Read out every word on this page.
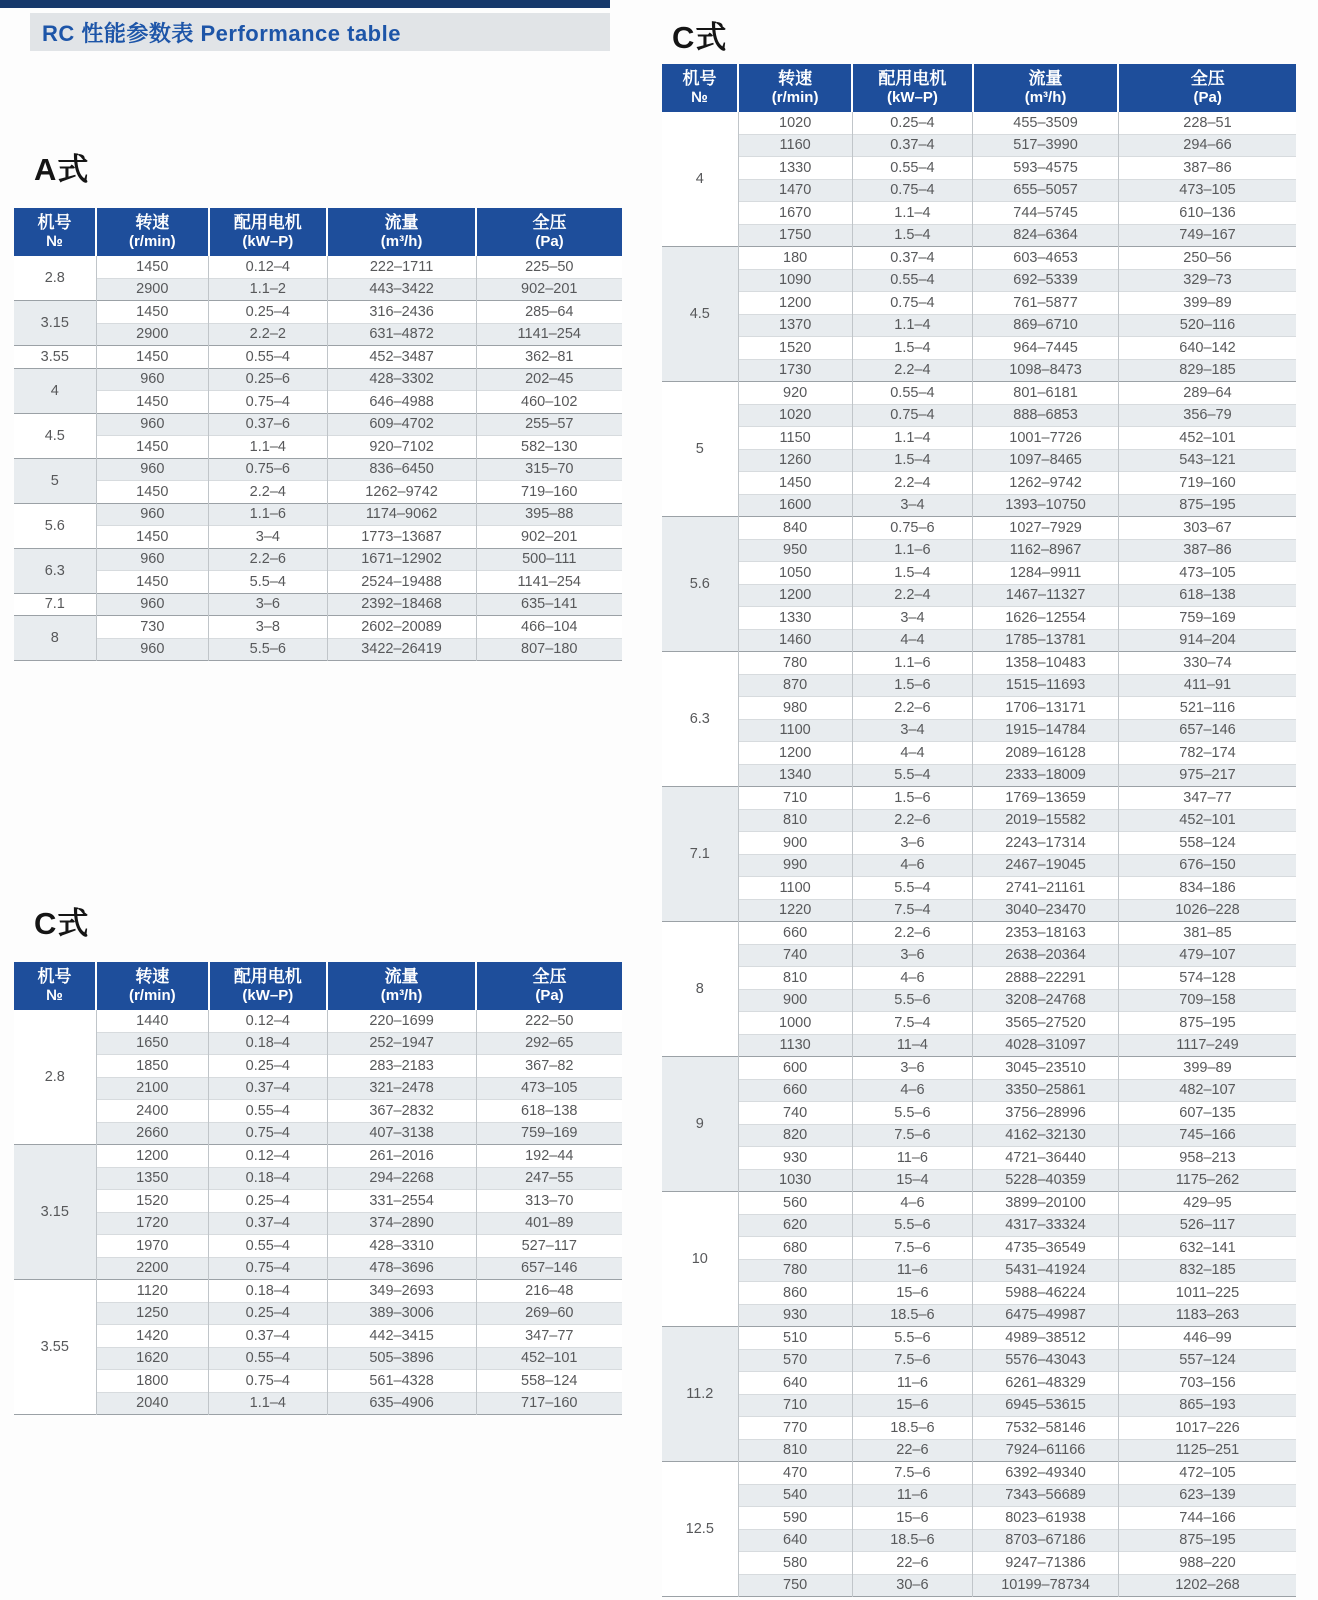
RC 性能参数表 Performance table
A式
机号
№

转速
(r/min)

配用电机
(kW–P)

流量
(m³/h)

全压
(Pa)

2.8	1450	0.12–4	222–1711	225–50
	2900	1.1–2	443–3422	902–201
3.15	1450	0.25–4	316–2436	285–64
	2900	2.2–2	631–4872	1141–254
3.55	1450	0.55–4	452–3487	362–81
4	960	0.25–6	428–3302	202–45
	1450	0.75–4	646–4988	460–102
4.5	960	0.37–6	609–4702	255–57
	1450	1.1–4	920–7102	582–130
5	960	0.75–6	836–6450	315–70
	1450	2.2–4	1262–9742	719–160
5.6	960	1.1–6	1174–9062	395–88
	1450	3–4	1773–13687	902–201
6.3	960	2.2–6	1671–12902	500–111
	1450	5.5–4	2524–19488	1141–254
7.1	960	3–6	2392–18468	635–141
8	730	3–8	2602–20089	466–104
	960	5.5–6	3422–26419	807–180
C式
机号
№

转速
(r/min)

配用电机
(kW–P)

流量
(m³/h)

全压
(Pa)

2.8	1440	0.12–4	220–1699	222–50
	1650	0.18–4	252–1947	292–65
	1850	0.25–4	283–2183	367–82
	2100	0.37–4	321–2478	473–105
	2400	0.55–4	367–2832	618–138
	2660	0.75–4	407–3138	759–169
3.15	1200	0.12–4	261–2016	192–44
	1350	0.18–4	294–2268	247–55
	1520	0.25–4	331–2554	313–70
	1720	0.37–4	374–2890	401–89
	1970	0.55–4	428–3310	527–117
	2200	0.75–4	478–3696	657–146
3.55	1120	0.18–4	349–2693	216–48
	1250	0.25–4	389–3006	269–60
	1420	0.37–4	442–3415	347–77
	1620	0.55–4	505–3896	452–101
	1800	0.75–4	561–4328	558–124
	2040	1.1–4	635–4906	717–160
C式
机号
№

转速
(r/min)

配用电机
(kW–P)

流量
(m³/h)

全压
(Pa)

4	1020	0.25–4	455–3509	228–51
	1160	0.37–4	517–3990	294–66
	1330	0.55–4	593–4575	387–86
	1470	0.75–4	655–5057	473–105
	1670	1.1–4	744–5745	610–136
	1750	1.5–4	824–6364	749–167
4.5	180	0.37–4	603–4653	250–56
	1090	0.55–4	692–5339	329–73
	1200	0.75–4	761–5877	399–89
	1370	1.1–4	869–6710	520–116
	1520	1.5–4	964–7445	640–142
	1730	2.2–4	1098–8473	829–185
5	920	0.55–4	801–6181	289–64
	1020	0.75–4	888–6853	356–79
	1150	1.1–4	1001–7726	452–101
	1260	1.5–4	1097–8465	543–121
	1450	2.2–4	1262–9742	719–160
	1600	3–4	1393–10750	875–195
5.6	840	0.75–6	1027–7929	303–67
	950	1.1–6	1162–8967	387–86
	1050	1.5–4	1284–9911	473–105
	1200	2.2–4	1467–11327	618–138
	1330	3–4	1626–12554	759–169
	1460	4–4	1785–13781	914–204
6.3	780	1.1–6	1358–10483	330–74
	870	1.5–6	1515–11693	411–91
	980	2.2–6	1706–13171	521–116
	1100	3–4	1915–14784	657–146
	1200	4–4	2089–16128	782–174
	1340	5.5–4	2333–18009	975–217
7.1	710	1.5–6	1769–13659	347–77
	810	2.2–6	2019–15582	452–101
	900	3–6	2243–17314	558–124
	990	4–6	2467–19045	676–150
	1100	5.5–4	2741–21161	834–186
	1220	7.5–4	3040–23470	1026–228
8	660	2.2–6	2353–18163	381–85
	740	3–6	2638–20364	479–107
	810	4–6	2888–22291	574–128
	900	5.5–6	3208–24768	709–158
	1000	7.5–4	3565–27520	875–195
	1130	11–4	4028–31097	1117–249
9	600	3–6	3045–23510	399–89
	660	4–6	3350–25861	482–107
	740	5.5–6	3756–28996	607–135
	820	7.5–6	4162–32130	745–166
	930	11–6	4721–36440	958–213
	1030	15–4	5228–40359	1175–262
10	560	4–6	3899–20100	429–95
	620	5.5–6	4317–33324	526–117
	680	7.5–6	4735–36549	632–141
	780	11–6	5431–41924	832–185
	860	15–6	5988–46224	1011–225
	930	18.5–6	6475–49987	1183–263
11.2	510	5.5–6	4989–38512	446–99
	570	7.5–6	5576–43043	557–124
	640	11–6	6261–48329	703–156
	710	15–6	6945–53615	865–193
	770	18.5–6	7532–58146	1017–226
	810	22–6	7924–61166	1125–251
12.5	470	7.5–6	6392–49340	472–105
	540	11–6	7343–56689	623–139
	590	15–6	8023–61938	744–166
	640	18.5–6	8703–67186	875–195
	580	22–6	9247–71386	988–220
	750	30–6	10199–78734	1202–268
